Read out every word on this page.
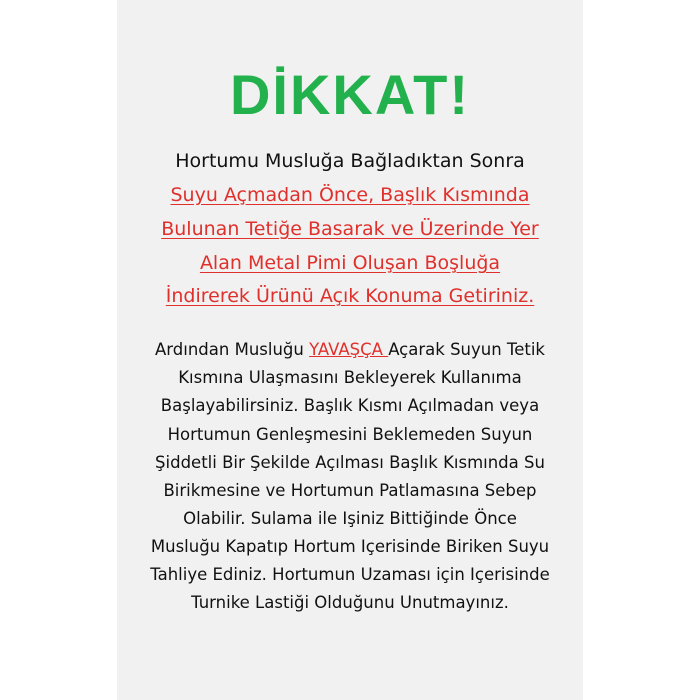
DİKKAT!
Hortumu Musluğa Bağladıktan Sonra
Suyu Açmadan Önce, Başlık Kısmında
Bulunan Tetiğe Basarak ve Üzerinde Yer
Alan Metal Pimi Oluşan Boşluğa
İndirerek Ürünü Açık Konuma Getiriniz.
Ardından Musluğu YAVAŞÇA Açarak Suyun Tetik
Kısmına Ulaşmasını Bekleyerek Kullanıma
Başlayabilirsiniz. Başlık Kısmı Açılmadan veya
Hortumun Genleşmesini Beklemeden Suyun
Şiddetli Bir Şekilde Açılması Başlık Kısmında Su
Birikmesine ve Hortumun Patlamasına Sebep
Olabilir. Sulama ile Işiniz Bittiğinde Önce
Musluğu Kapatıp Hortum Içerisinde Biriken Suyu
Tahliye Ediniz. Hortumun Uzaması için Içerisinde
Turnike Lastiği Olduğunu Unutmayınız.
